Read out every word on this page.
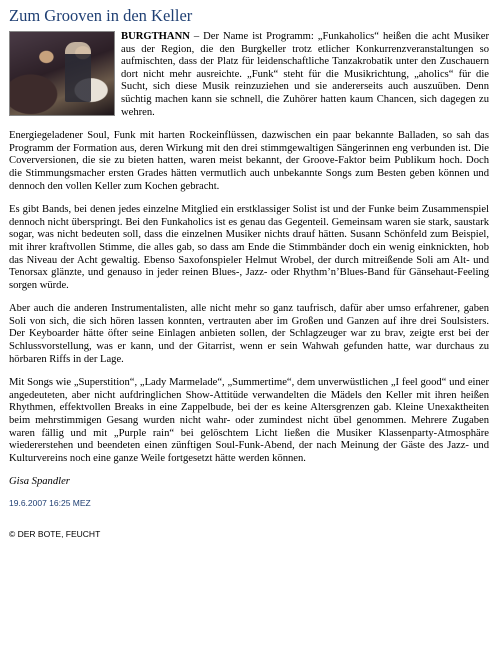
Zum Grooven in den Keller

BURGTHANN – Der Name ist Programm: „Funkaholics“ heißen die acht Musiker aus der Region, die den Burgkeller trotz etlicher Konkurrenzveranstaltungen so aufmischten, dass der Platz für leidenschaftliche Tanzakrobatik unter den Zuschauern dort nicht mehr ausreichte. „Funk“ steht für die Musikrichtung, „aholics“ für die Sucht, sich diese Musik reinzuziehen und sie andererseits auch auszuüben. Denn süchtig machen kann sie schnell, die Zuhörer hatten kaum Chancen, sich dagegen zu wehren.

Energiegeladener Soul, Funk mit harten Rockeinflüssen, dazwischen ein paar bekannte Balladen, so sah das Programm der Formation aus, deren Wirkung mit den drei stimmgewaltigen Sängerinnen eng verbunden ist. Die Coverversionen, die sie zu bieten hatten, waren meist bekannt, der Groove-Faktor beim Publikum hoch. Doch die Stimmungsmacher ersten Grades hätten vermutlich auch unbekannte Songs zum Besten geben können und dennoch den vollen Keller zum Kochen gebracht.

Es gibt Bands, bei denen jedes einzelne Mitglied ein erstklassiger Solist ist und der Funke beim Zusammenspiel dennoch nicht überspringt. Bei den Funkaholics ist es genau das Gegenteil. Gemeinsam waren sie stark, saustark sogar, was nicht bedeuten soll, dass die einzelnen Musiker nichts drauf hätten. Susann Schönfeld zum Beispiel, mit ihrer kraftvollen Stimme, die alles gab, so dass am Ende die Stimmbänder doch ein wenig einknickten, hob das Niveau der Acht gewaltig. Ebenso Saxofonspieler Helmut Wrobel, der durch mitreißende Soli am Alt- und Tenorsax glänzte, und genauso in jeder reinen Blues-, Jazz- oder Rhythm’n’Blues-Band für Gänsehaut-Feeling sorgen würde.

Aber auch die anderen Instrumentalisten, alle nicht mehr so ganz taufrisch, dafür aber umso erfahrener, gaben Soli von sich, die sich hören lassen konnten, vertrauten aber im Großen und Ganzen auf ihre drei Soulsisters. Der Keyboarder hätte öfter seine Einlagen anbieten sollen, der Schlagzeuger war zu brav, zeigte erst bei der Schlussvorstellung, was er kann, und der Gitarrist, wenn er sein Wahwah gefunden hatte, war durchaus zu hörbaren Riffs in der Lage.

Mit Songs wie „Superstition“, „Lady Marmelade“, „Summertime“, dem unverwüstlichen „I feel good“ und einer angedeuteten, aber nicht aufdringlichen Show-Attitüde verwandelten die Mädels den Keller mit ihren heißen Rhythmen, effektvollen Breaks in eine Zappelbude, bei der es keine Altersgrenzen gab. Kleine Unexaktheiten beim mehrstimmigen Gesang wurden nicht wahr- oder zumindest nicht übel genommen. Mehrere Zugaben waren fällig und mit „Purple rain“ bei gelöschtem Licht ließen die Musiker Klassenparty-Atmosphäre wiedererstehen und beendeten einen zünftigen Soul-Funk-Abend, der nach Meinung der Gäste des Jazz- und Kulturvereins noch eine ganze Weile fortgesetzt hätte werden können.

Gisa Spandler
19.6.2007 16:25 MEZ
© DER BOTE, FEUCHT
